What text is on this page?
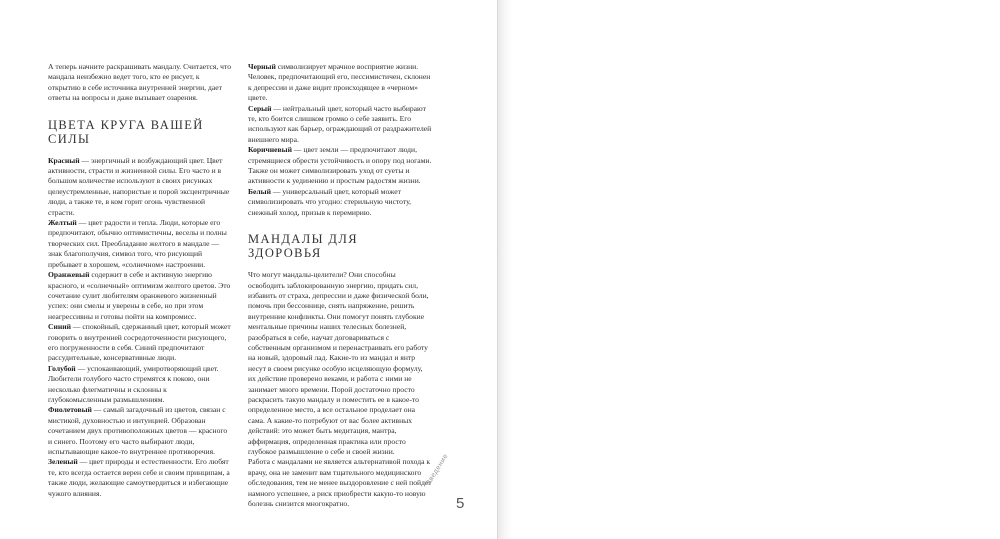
А теперь начните раскрашивать мандалу. Считается, что мандала неизбежно ведет того, кто ее рисует, к открытию в себе источника внутренней энергии, дает ответы на вопросы и даже вызывает озарения.

ЦВЕТА КРУГА ВАШЕЙ СИЛЫ

Красный — энергичный и возбуждающий цвет. Цвет активности, страсти и жизненной силы. Его часто и в большом количестве используют в своих рисунках целеустремленные, напористые и порой эксцентричные люди, а также те, в ком горит огонь чувственной страсти.

Желтый — цвет радости и тепла. Люди, которые его предпочитают, обычно оптимистичны, веселы и полны творческих сил. Преобладание желтого в мандале — знак благополучия, символ того, что рисующий пребывает в хорошем, «солнечном» настроении.

Оранжевый содержит в себе и активную энергию красного, и «солнечный» оптимизм желтого цветов. Это сочетание сулит любителям оранжевого жизненный успех: они смелы и уверены в себе, но при этом неагрессивны и готовы пойти на компромисс.

Синий — спокойный, сдержанный цвет, который может говорить о внутренней сосредоточенности рисующего, его погруженности в себя. Синий предпочитают рассудительные, консервативные люди.

Голубой — успокаивающий, умиротворяющий цвет. Любители голубого часто стремятся к покою, они несколько флегматичны и склонны к глубокомысленным размышлениям.

Фиолетовый — самый загадочный из цветов, связан с мистикой, духовностью и интуицией. Образован сочетанием двух противоположных цветов — красного и синего. Поэтому его часто выбирают люди, испытывающие какое-то внутреннее противоречия.

Зеленый — цвет природы и естественности. Его любят те, кто всегда остается верен себе и своим принципам, а также люди, желающие самоутвердиться и избегающие чужого влияния.

Черный символизирует мрачное восприятие жизни. Человек, предпочитающий его, пессимистичен, склонен к депрессии и даже видит происходящее в «черном» цвете.

Серый — нейтральный цвет, который часто выбирают те, кто боится слишком громко о себе заявить. Его используют как барьер, ограждающий от раздражителей внешнего мира.

Коричневый — цвет земли — предпочитают люди, стремящиеся обрести устойчивость и опору под ногами. Также он может символизировать уход от суеты и активности к уединению и простым радостям жизни.

Белый — универсальный цвет, который может символизировать что угодно: стерильную чистоту, снежный холод, призыв к перемирию.

МАНДАЛЫ ДЛЯ ЗДОРОВЬЯ

Что могут мандалы-целители? Они способны освободить заблокированную энергию, придать сил, избавить от страха, депрессии и даже физической боли, помочь при бессоннице, снять напряжение, решить внутренние конфликты. Они помогут понять глубокие ментальные причины наших телесных болезней, разобраться в себе, научат договариваться с собственным организмом и перенастраивать его работу на новый, здоровый лад. Какие-то из мандал и янтр несут в своем рисунке особую исцеляющую формулу, их действие проверено веками, и работа с ними не занимает много времени. Порой достаточно просто раскрасить такую мандалу и поместить ее в какое-то определенное место, а все остальное проделает она сама. А какие-то потребуют от вас более активных действий: это может быть медитация, мантра, аффирмация, определенная практика или просто глубокое размышление о себе и своей жизни.

Работа с мандалами не является альтернативой похода к врачу, она не заменит вам тщательного медицинского обследования, тем не менее выздоровление с ней пойдет намного успешнее, а риск приобрести какую-то новую болезнь снизится многократно.

Введение
5
